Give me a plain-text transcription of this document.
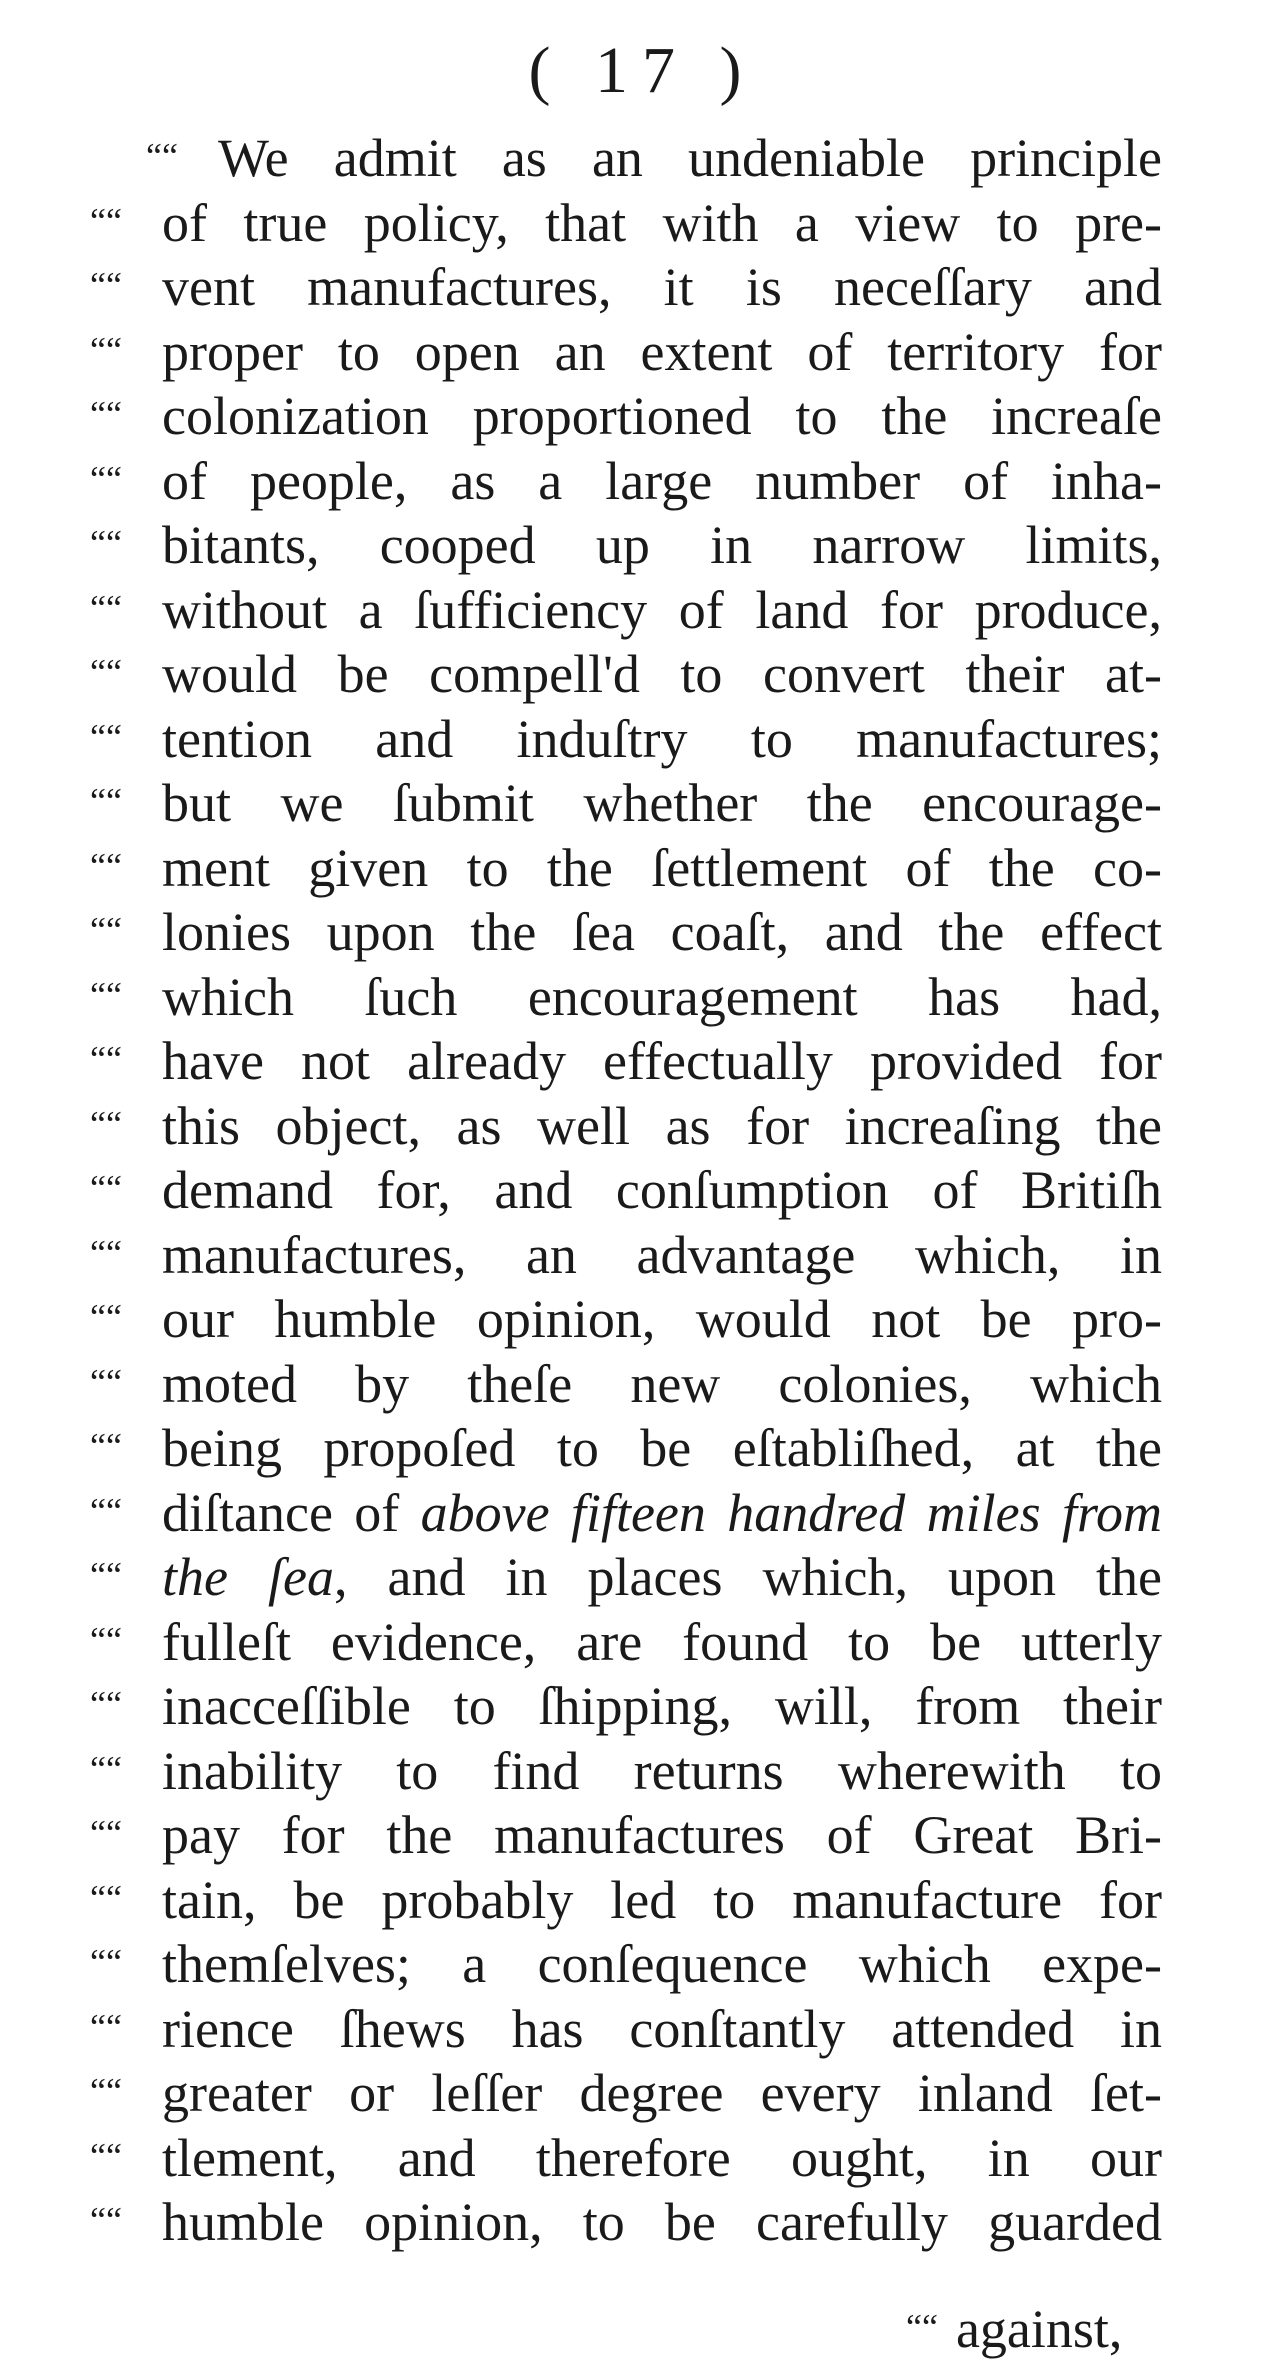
( 17 )
““ We admit as an undeniable principle
““ of true policy, that with a view to pre-
““ vent manufactures, it is neceſſary and
““ proper to open an extent of territory for
““ colonization proportioned to the increaſe
““ of people, as a large number of inha-
““ bitants, cooped up in narrow limits,
““ without a ſufficiency of land for produce,
““ would be compell'd to convert their at-
““ tention and induſtry to manufactures;
““ but we ſubmit whether the encourage-
““ ment given to the ſettlement of the co-
““ lonies upon the ſea coaſt, and the effect
““ which ſuch encouragement has had,
““ have not already effectually provided for
““ this object, as well as for increaſing the
““ demand for, and conſumption of Britiſh
““ manufactures, an advantage which, in
““ our humble opinion, would not be pro-
““ moted by theſe new colonies, which
““ being propoſed to be eſtabliſhed, at the
““ diſtance of above fifteen handred miles from
““ the ſea, and in places which, upon the
““ fulleſt evidence, are found to be utterly
““ inacceſſible to ſhipping, will, from their
““ inability to find returns wherewith to
““ pay for the manufactures of Great Bri-
““ tain, be probably led to manufacture for
““ themſelves; a conſequence which expe-
““ rience ſhews has conſtantly attended in
““ greater or leſſer degree every inland ſet-
““ tlement, and therefore ought, in our
““ humble opinion, to be carefully guarded
““ against,
